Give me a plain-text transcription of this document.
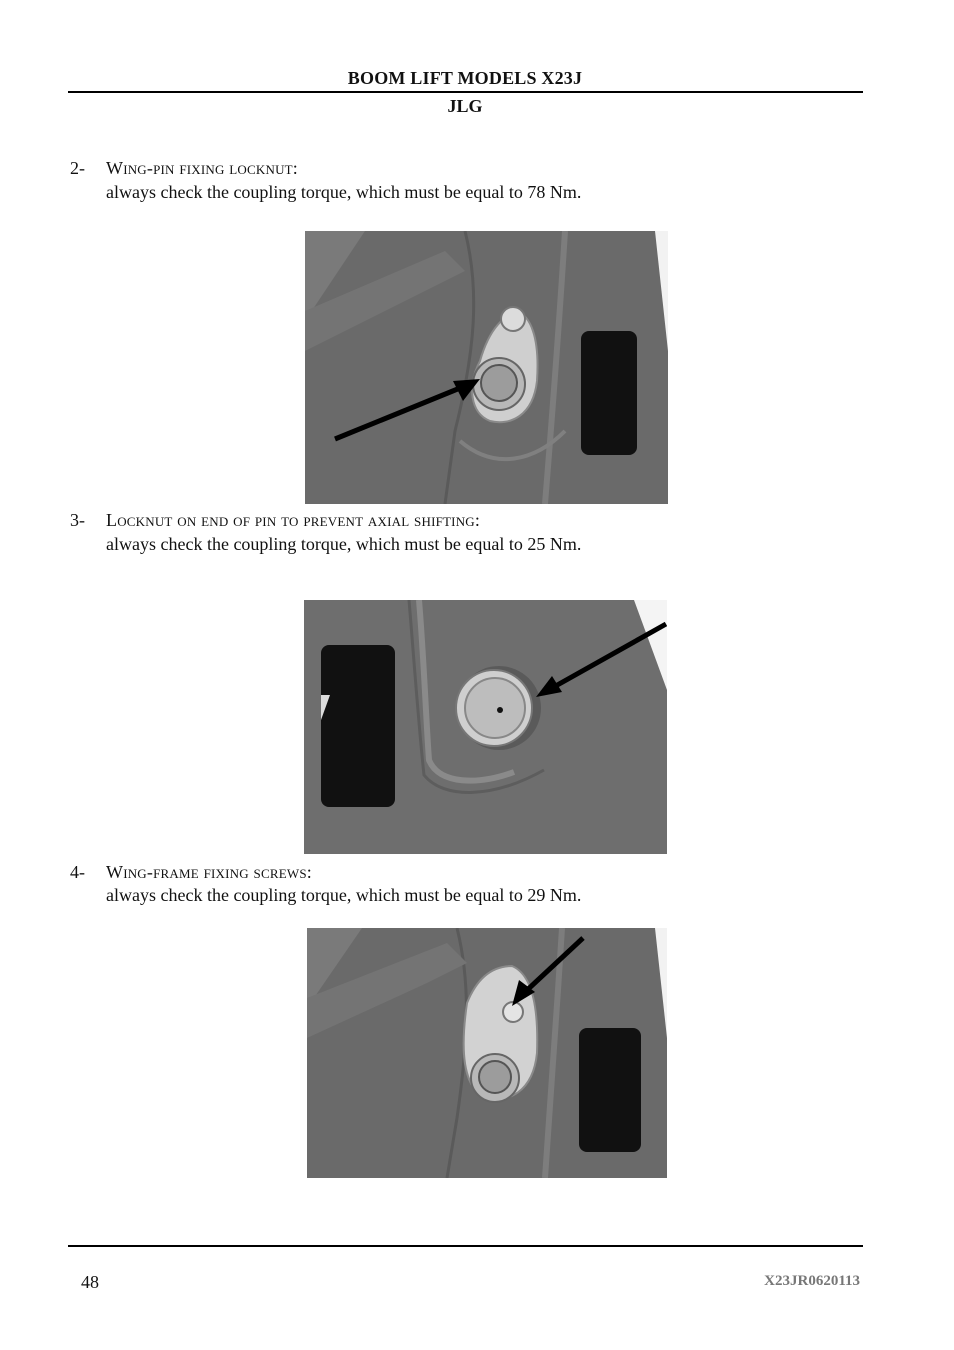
BOOM LIFT MODELS X23J
JLG
2- Wing-pin fixing locknut:
always check the coupling torque, which must be equal to 78 Nm.
3- Locknut on end of pin to prevent axial shifting:
always check the coupling torque, which must be equal to 25 Nm.
4- Wing-frame fixing screws:
always check the coupling torque, which must be equal to 29 Nm.
48	X23JR0620113
